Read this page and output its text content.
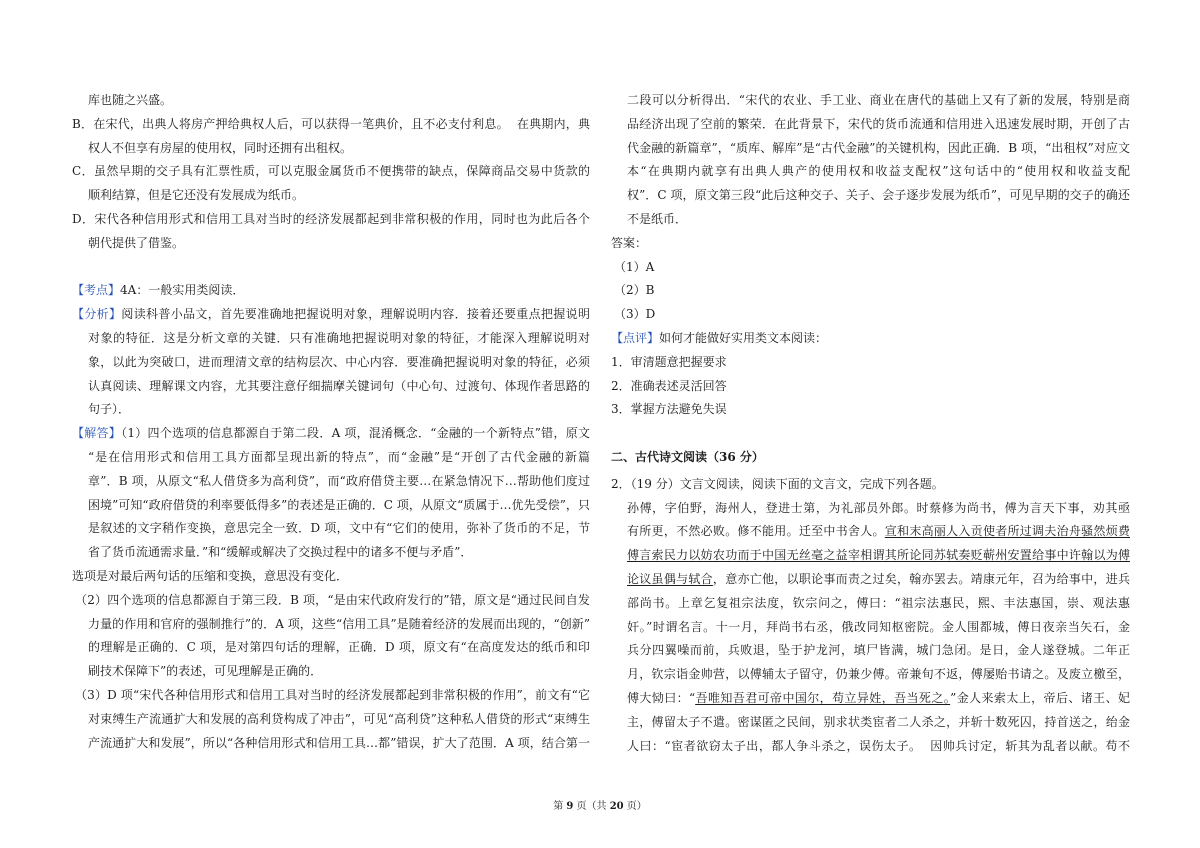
库也随之兴盛。
B．在宋代，出典人将房产押给典权人后，可以获得一笔典价，且不必支付利息。  在典期内，典
权人不但享有房屋的使用权，同时还拥有出租权。
C．虽然早期的交子具有汇票性质，可以克服金属货币不便携带的缺点，保障商品交易中货款的
顺利结算，但是它还没有发展成为纸币。
D．宋代各种信用形式和信用工具对当时的经济发展都起到非常积极的作用，同时也为此后各个
朝代提供了借鉴。
【考点】4A：一般实用类阅读．
【分析】阅读科普小品文，首先要准确地把握说明对象，理解说明内容．接着还要重点把握说明
对象的特征．这是分析文章的关键．只有准确地把握说明对象的特征，才能深入理解说明对
象，以此为突破口，进而理清文章的结构层次、中心内容．要准确把握说明对象的特征，必须
认真阅读、理解课文内容，尤其要注意仔细揣摩关键词句（中心句、过渡句、体现作者思路的
句子）．
【解答】（1）四个选项的信息都源自于第二段．A 项，混淆概念．“金融的一个新特点”错，原文
“是在信用形式和信用工具方面都呈现出新的特点”，而“金融”是“开创了古代金融的新篇
章”．B 项，从原文“私人借贷多为高利贷”，而“政府借贷主要…在紧急情况下…帮助他们度过
困境”可知“政府借贷的利率要低得多”的表述是正确的．C 项，从原文“质属于…优先受偿”，只
是叙述的文字稍作变换，意思完全一致．D 项，文中有“它们的使用，弥补了货币的不足，节
省了货币流通需求量．”和“缓解或解决了交换过程中的诸多不便与矛盾”．
选项是对最后两句话的压缩和变换，意思没有变化．
（2）四个选项的信息都源自于第三段．B 项，“是由宋代政府发行的”错，原文是“通过民间自发
力量的作用和官府的强制推行”的．A 项，这些“信用工具”是随着经济的发展而出现的，“创新”
的理解是正确的．C 项，是对第四句话的理解，正确．D 项，原文有“在高度发达的纸币和印
刷技术保障下”的表述，可见理解是正确的．
（3）D 项“宋代各种信用形式和信用工具对当时的经济发展都起到非常积极的作用”，前文有“它
对束缚生产流通扩大和发展的高利贷构成了冲击”，可见“高利贷”这种私人借贷的形式“束缚生
产流通扩大和发展”，所以“各种信用形式和信用工具…都”错误，扩大了范围．A 项，结合第一
二段可以分析得出．“宋代的农业、手工业、商业在唐代的基础上又有了新的发展，特别是商
品经济出现了空前的繁荣．在此背景下，宋代的货币流通和信用进入迅速发展时期，开创了古
代金融的新篇章”，“质库、解库”是“古代金融”的关键机构，因此正确．B 项，“出租权”对应文
本“在典期内就享有出典人典产的使用权和收益支配权”这句话中的“使用权和收益支配
权”．C 项，原文第三段“此后这种交子、关子、会子逐步发展为纸币”，可见早期的交子的确还
不是纸币．
答案：
（1）A
（2）B
（3）D
【点评】如何才能做好实用类文本阅读：
1．审清题意把握要求
2．准确表述灵活回答
3．掌握方法避免失误
二、古代诗文阅读（36 分）
2．（19 分）文言文阅读，阅读下面的文言文，完成下列各题。
孙傅，字伯野，海州人，登进士第，为礼部员外郎。时蔡修为尚书，傅为言天下事，劝其亟
有所更，不然必败。修不能用。迁至中书舍人。宣和末高丽人入贡使者所过调夫治舟骚然烦费
傅言索民力以妨农功而于中国无丝毫之益宰相谓其所论同苏轼奏贬蕲州安置给事中许翰以为傅
论议虽偶与轼合，意亦亡他，以职论事而责之过矣，翰亦罢去。靖康元年，召为给事中，进兵
部尚书。上章乞复祖宗法度，钦宗问之，傅曰：“祖宗法惠民，熙、丰法惠国，崇、观法惠
奸。”时谓名言。十一月，拜尚书右丞，俄改同知枢密院。金人围都城，傅日夜亲当矢石，金
兵分四翼噪而前，兵败退，坠于护龙河，填尸皆满，城门急闭。是日，金人遂登城。二年正
月，钦宗诣金帅营，以傅辅太子留守，仍兼少傅。帝兼旬不返，傅屡贻书请之。及废立檄至，
傅大恸曰：“吾唯知吾君可帝中国尔，苟立异姓，吾当死之。”金人来索太上，帝后、诸王、妃
主，傅留太子不遣。密谋匿之民间，别求状类宦者二人杀之，并斩十数死囚，持首送之，绐金
人曰：“宦者欲窃太子出，都人争斗杀之，误伤太子。  因帅兵讨定，斩其为乱者以献。苟不
第 9 页（共 20 页）
